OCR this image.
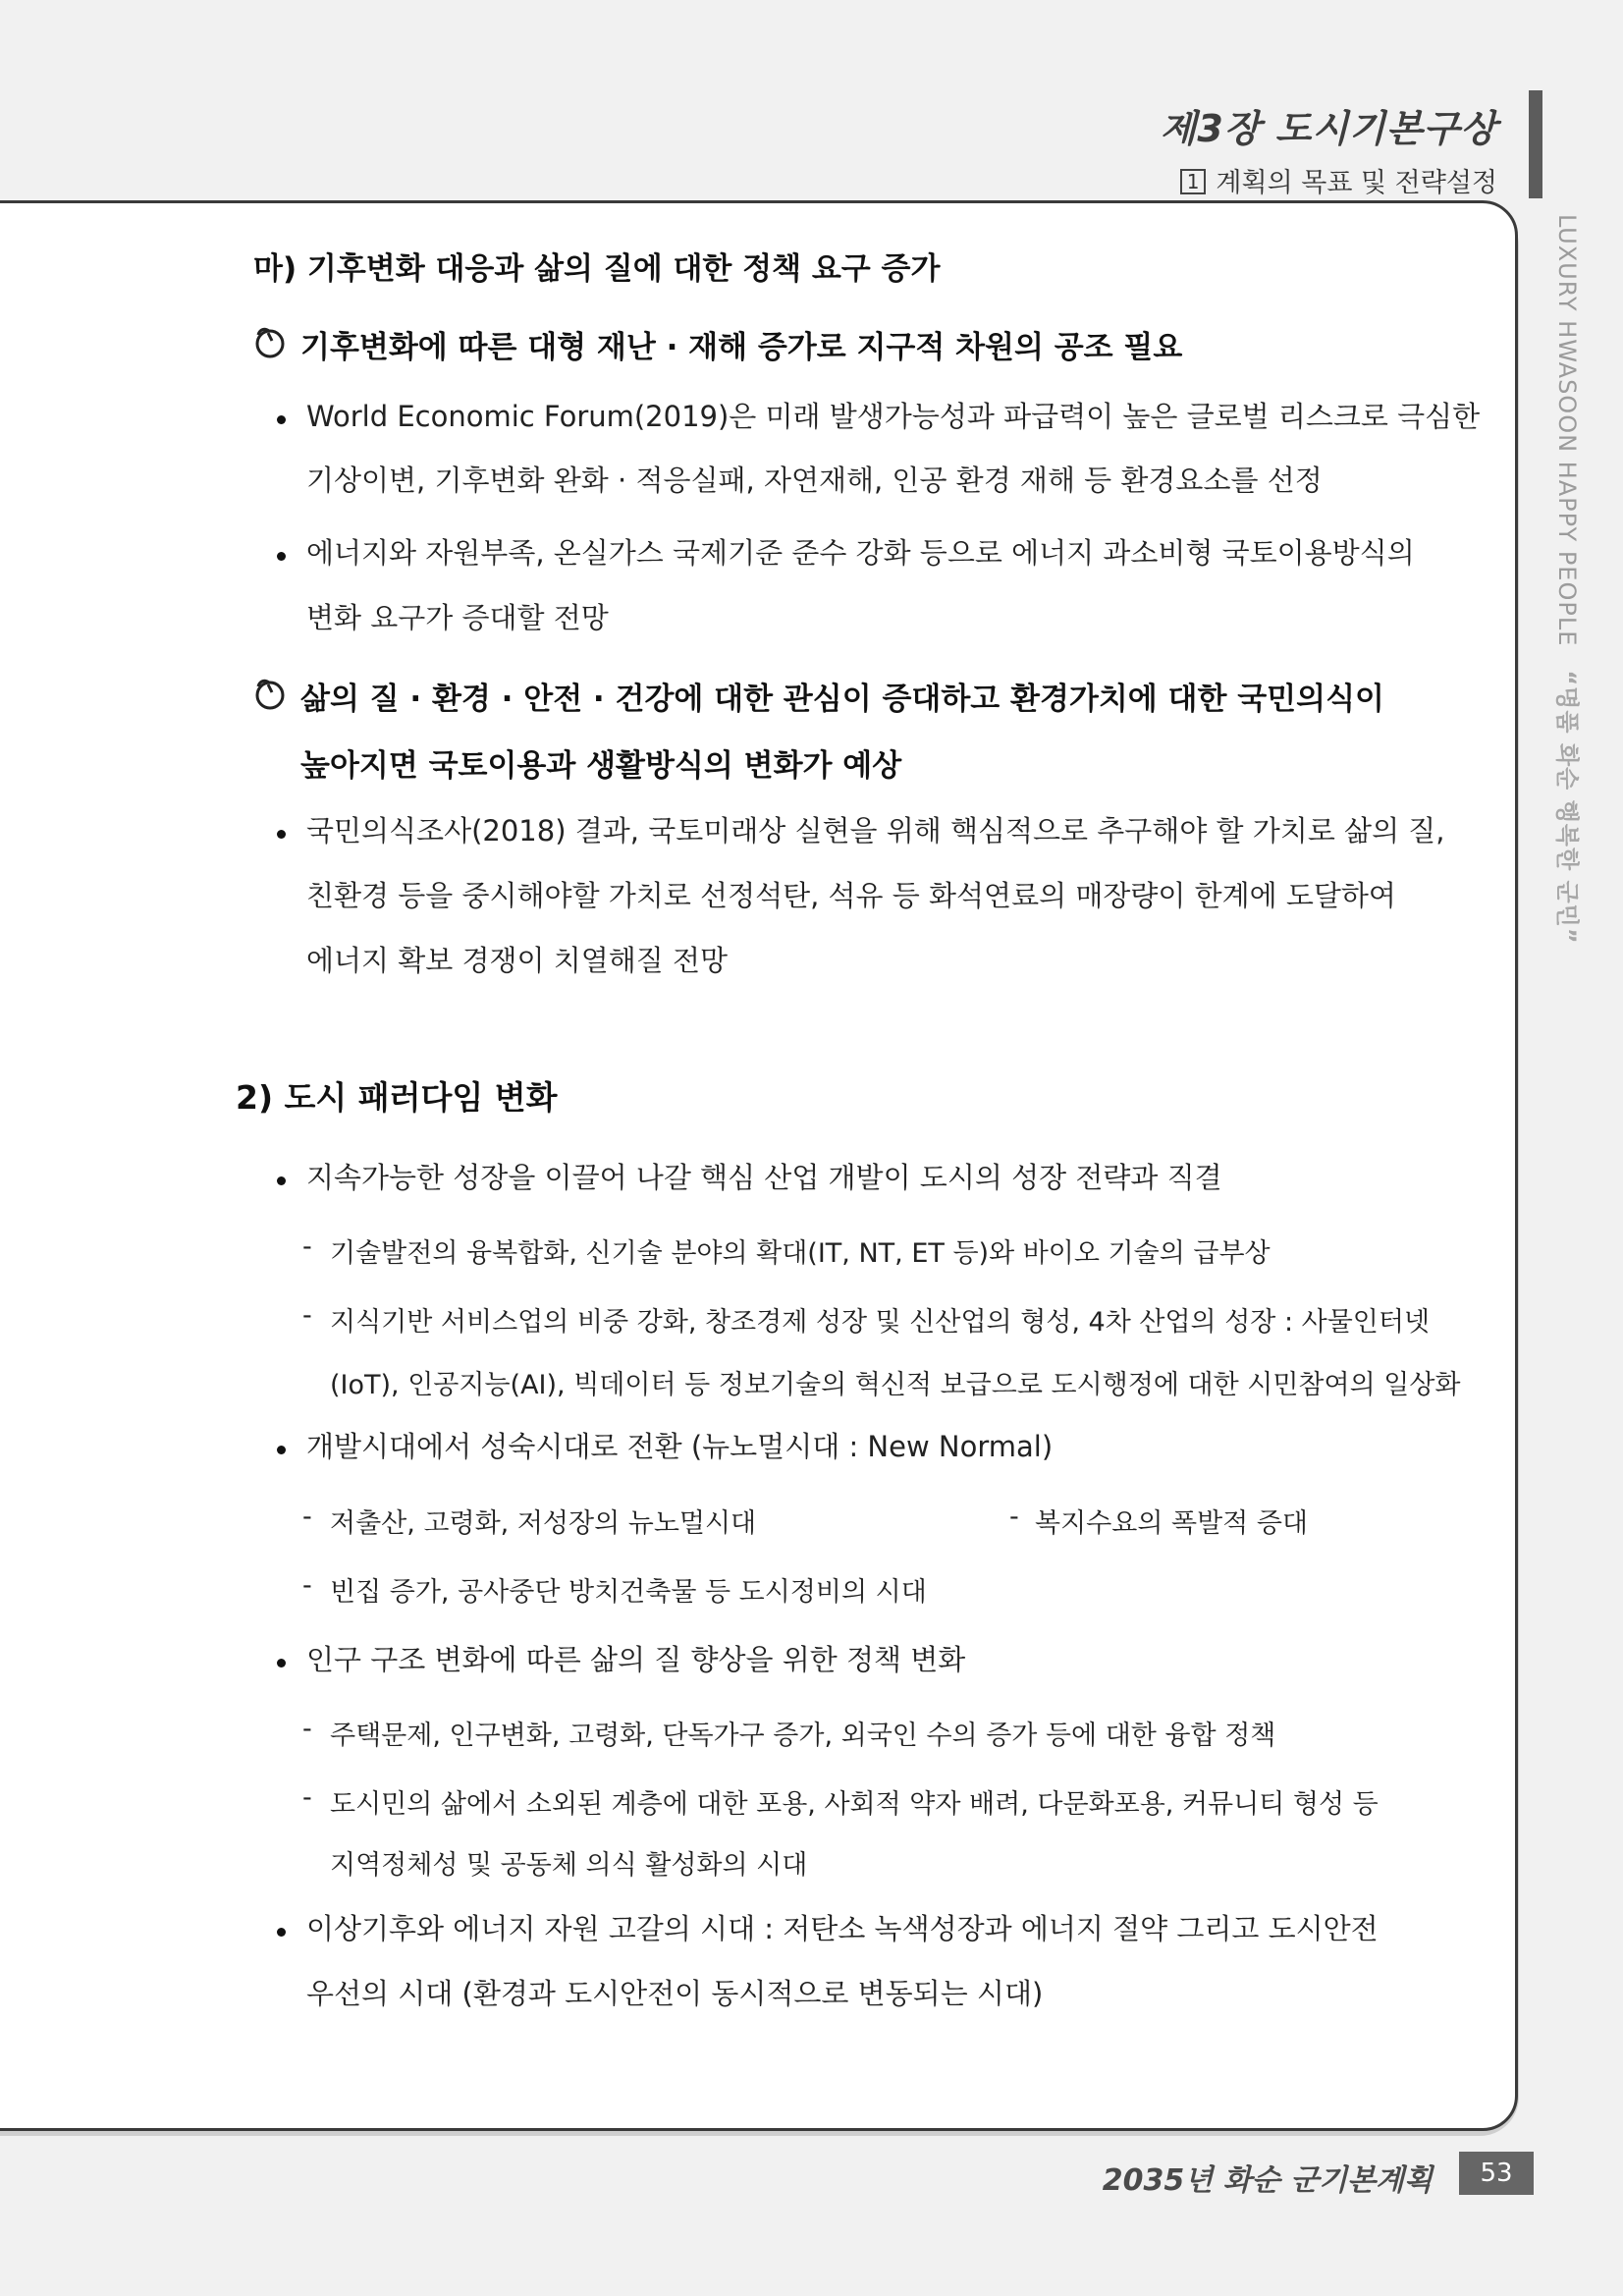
제3장 도시기본구상
1 계획의 목표 및 전략설정
LUXURY HWASOON HAPPY PEOPLE“명품 화순 행복한 군민”
마) 기후변화 대응과 삶의 질에 대한 정책 요구 증가
기후변화에 따른 대형 재난 · 재해 증가로 지구적 차원의 공조 필요
World Economic Forum(2019)은 미래 발생가능성과 파급력이 높은 글로벌 리스크로 극심한
기상이변, 기후변화 완화 · 적응실패, 자연재해, 인공 환경 재해 등 환경요소를 선정
에너지와 자원부족, 온실가스 국제기준 준수 강화 등으로 에너지 과소비형 국토이용방식의
변화 요구가 증대할 전망
삶의 질 · 환경 · 안전 · 건강에 대한 관심이 증대하고 환경가치에 대한 국민의식이
높아지면 국토이용과 생활방식의 변화가 예상
국민의식조사(2018) 결과, 국토미래상 실현을 위해 핵심적으로 추구해야 할 가치로 삶의 질,
친환경 등을 중시해야할 가치로 선정석탄, 석유 등 화석연료의 매장량이 한계에 도달하여
에너지 확보 경쟁이 치열해질 전망
2) 도시 패러다임 변화
지속가능한 성장을 이끌어 나갈 핵심 산업 개발이 도시의 성장 전략과 직결
- 기술발전의 융복합화, 신기술 분야의 확대(IT, NT, ET 등)와 바이오 기술의 급부상
- 지식기반 서비스업의 비중 강화, 창조경제 성장 및 신산업의 형성, 4차 산업의 성장 : 사물인터넷
(IoT), 인공지능(AI), 빅데이터 등 정보기술의 혁신적 보급으로 도시행정에 대한 시민참여의 일상화
개발시대에서 성숙시대로 전환 (뉴노멀시대 : New Normal)
- 저출산, 고령화, 저성장의 뉴노멀시대	- 복지수요의 폭발적 증대
- 빈집 증가, 공사중단 방치건축물 등 도시정비의 시대
인구 구조 변화에 따른 삶의 질 향상을 위한 정책 변화
- 주택문제, 인구변화, 고령화, 단독가구 증가, 외국인 수의 증가 등에 대한 융합 정책
- 도시민의 삶에서 소외된 계층에 대한 포용, 사회적 약자 배려, 다문화포용, 커뮤니티 형성 등
지역정체성 및 공동체 의식 활성화의 시대
이상기후와 에너지 자원 고갈의 시대 : 저탄소 녹색성장과 에너지 절약 그리고 도시안전
우선의 시대 (환경과 도시안전이 동시적으로 변동되는 시대)
2035년 화순 군기본계획	53
